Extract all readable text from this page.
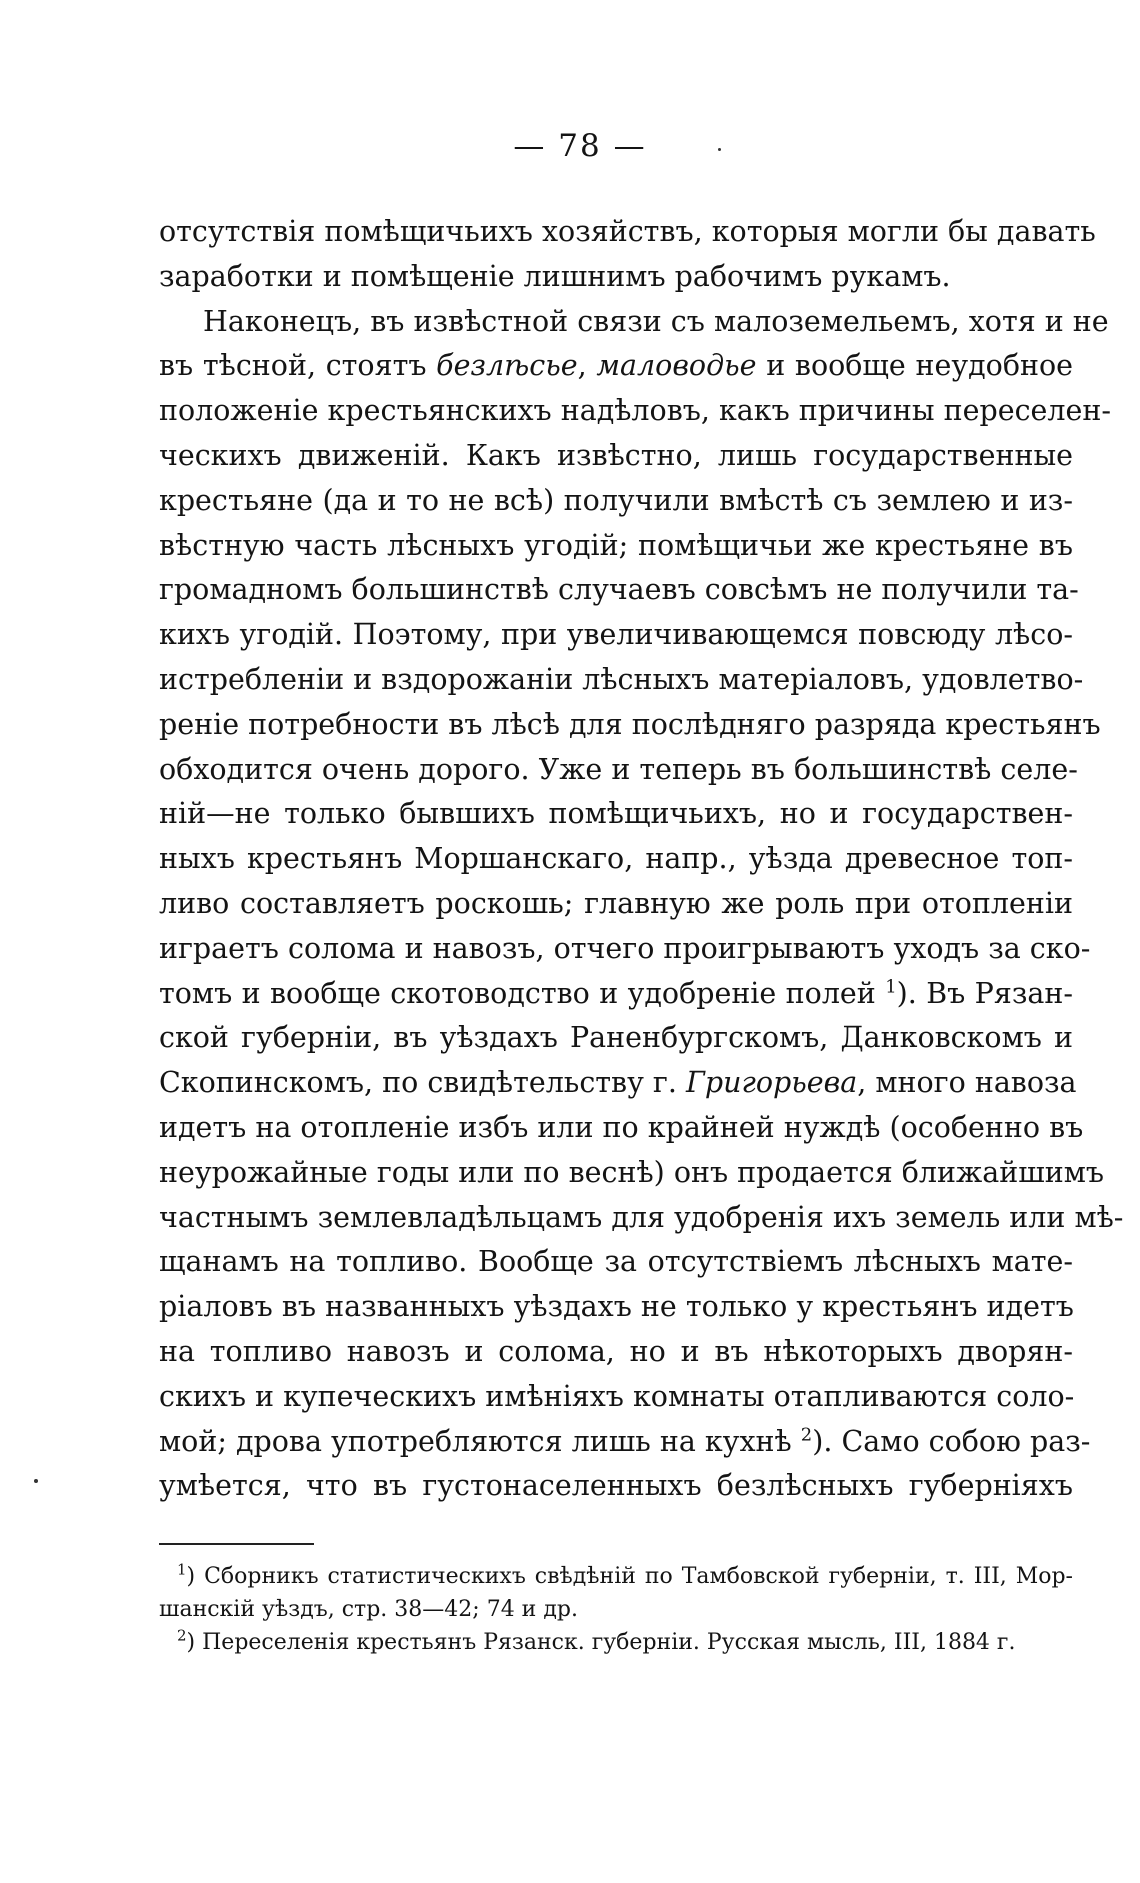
— 78 —
отсутствія помѣщичьихъ хозяйствъ, которыя могли бы давать
заработки и помѣщеніе лишнимъ рабочимъ рукамъ.
Наконецъ, въ извѣстной связи съ малоземельемъ, хотя и не
въ тѣсной, стоятъ безлѣсье, маловодье и вообще неудобное
положеніе крестьянскихъ надѣловъ, какъ причины переселен-
ческихъ движеній. Какъ извѣстно, лишь государственные
крестьяне (да и то не всѣ) получили вмѣстѣ съ землею и из-
вѣстную часть лѣсныхъ угодій; помѣщичьи же крестьяне въ
громадномъ большинствѣ случаевъ совсѣмъ не получили та-
кихъ угодій. Поэтому, при увеличивающемся повсюду лѣсо-
истребленіи и вздорожаніи лѣсныхъ матеріаловъ, удовлетво-
реніе потребности въ лѣсѣ для послѣдняго разряда крестьянъ
обходится очень дорого. Уже и теперь въ большинствѣ селе-
ній—не только бывшихъ помѣщичьихъ, но и государствен-
ныхъ крестьянъ Моршанскаго, напр., уѣзда древесное топ-
ливо составляетъ роскошь; главную же роль при отопленіи
играетъ солома и навозъ, отчего проигрываютъ уходъ за ско-
томъ и вообще скотоводство и удобреніе полей $^1$). Въ Рязан-
ской губерніи, въ уѣздахъ Раненбургскомъ, Данковскомъ и
Скопинскомъ, по свидѣтельству г. Григорьева, много навоза
идетъ на отопленіе избъ или по крайней нуждѣ (особенно въ
неурожайные годы или по веснѣ) онъ продается ближайшимъ
частнымъ землевладѣльцамъ для удобренія ихъ земель или мѣ-
щанамъ на топливо. Вообще за отсутствіемъ лѣсныхъ мате-
ріаловъ въ названныхъ уѣздахъ не только у крестьянъ идетъ
на топливо навозъ и солома, но и въ нѣкоторыхъ дворян-
скихъ и купеческихъ имѣніяхъ комнаты отапливаются соло-
мой; дрова употребляются лишь на кухнѣ $^2$). Само собою раз-
умѣется, что въ густонаселенныхъ безлѣсныхъ губерніяхъ
$^1$) Сборникъ статистическихъ свѣдѣній по Тамбовской губерніи, т. III, Мор-
шанскій уѣздъ, стр. 38—42; 74 и др.
$^2$) Переселенія крестьянъ Рязанск. губерніи. Русская мысль, III, 1884 г.
